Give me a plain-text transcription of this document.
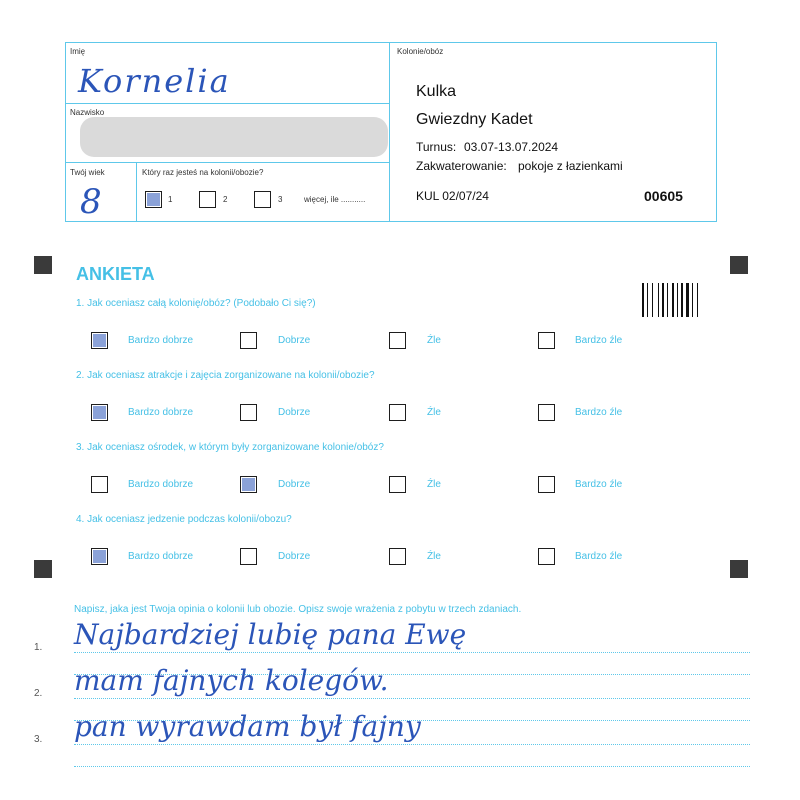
Imię
Kornelia
Nazwisko
Twój wiek
8
Który raz jesteś na kolonii/obozie?
1	2	3	więcej, ile ...........
Kolonie/obóz
Kulka
Gwiezdny Kadet
Turnus: 03.07-13.07.2024
Zakwaterowanie: pokoje z łazienkami
KUL 02/07/24	00605
ANKIETA
1. Jak oceniasz całą kolonię/obóz? (Podobało Ci się?)
Bardzo dobrze	Dobrze	Źle	Bardzo źle
2. Jak oceniasz atrakcje i zajęcia zorganizowane na kolonii/obozie?
Bardzo dobrze	Dobrze	Źle	Bardzo źle
3. Jak oceniasz ośrodek, w którym były zorganizowane kolonie/obóz?
Bardzo dobrze	Dobrze	Źle	Bardzo źle
4. Jak oceniasz jedzenie podczas kolonii/obozu?
Bardzo dobrze	Dobrze	Źle	Bardzo źle
Napisz, jaka jest Twoja opinia o kolonii lub obozie. Opisz swoje wrażenia z pobytu w trzech zdaniach.
1. Najbardziej lubię pana Ewę
2. mam fajnych kolegów.
3. pan wyrawdam był fajny
